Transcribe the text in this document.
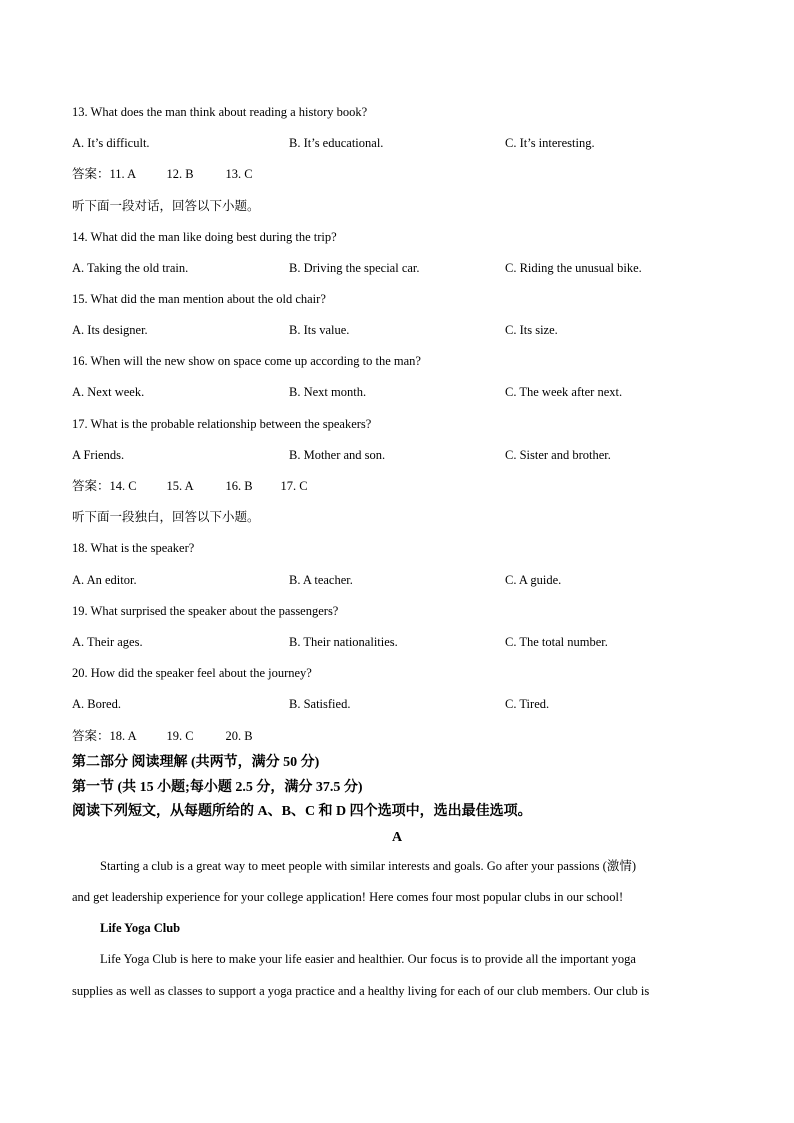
13. What does the man think about reading a history book?
A. It’s difficult.	B. It’s educational.	C. It’s interesting.
答案：11. A 12. B	13. C
听下面一段对话，回答以下小题。
14. What did the man like doing best during the trip?
A. Taking the old train.	B. Driving the special car.	C. Riding the unusual bike.
15. What did the man mention about the old chair?
A. Its designer.	B. Its value.	C. Its size.
16. When will the new show on space come up according to the man?
A. Next week.	B. Next month.	C. The week after next.
17. What is the probable relationship between the speakers?
A Friends.	B. Mother and son.	C. Sister and brother.
答案：14. C 15. A	16. B 17. C
听下面一段独白，回答以下小题。
18. What is the speaker?
A. An editor.	B. A teacher.	C. A guide.
19. What surprised the speaker about the passengers?
A. Their ages.	B. Their nationalities.	C. The total number.
20. How did the speaker feel about the journey?
A. Bored.	B. Satisfied.	C. Tired.
答案：18. A 19. C	20. B
第二部分 阅读理解 (共两节，满分 50 分)
第一节 (共 15 小题;每小题 2.5 分，满分 37.5 分)
阅读下列短文，从每题所给的 A、B、C 和 D 四个选项中，选出最佳选项。
A
Starting a club is a great way to meet people with similar interests and goals. Go after your passions (激情)
and get leadership experience for your college application! Here comes four most popular clubs in our school!
Life Yoga Club
Life Yoga Club is here to make your life easier and healthier. Our focus is to provide all the important yoga
supplies as well as classes to support a yoga practice and a healthy living for each of our club members. Our club is
